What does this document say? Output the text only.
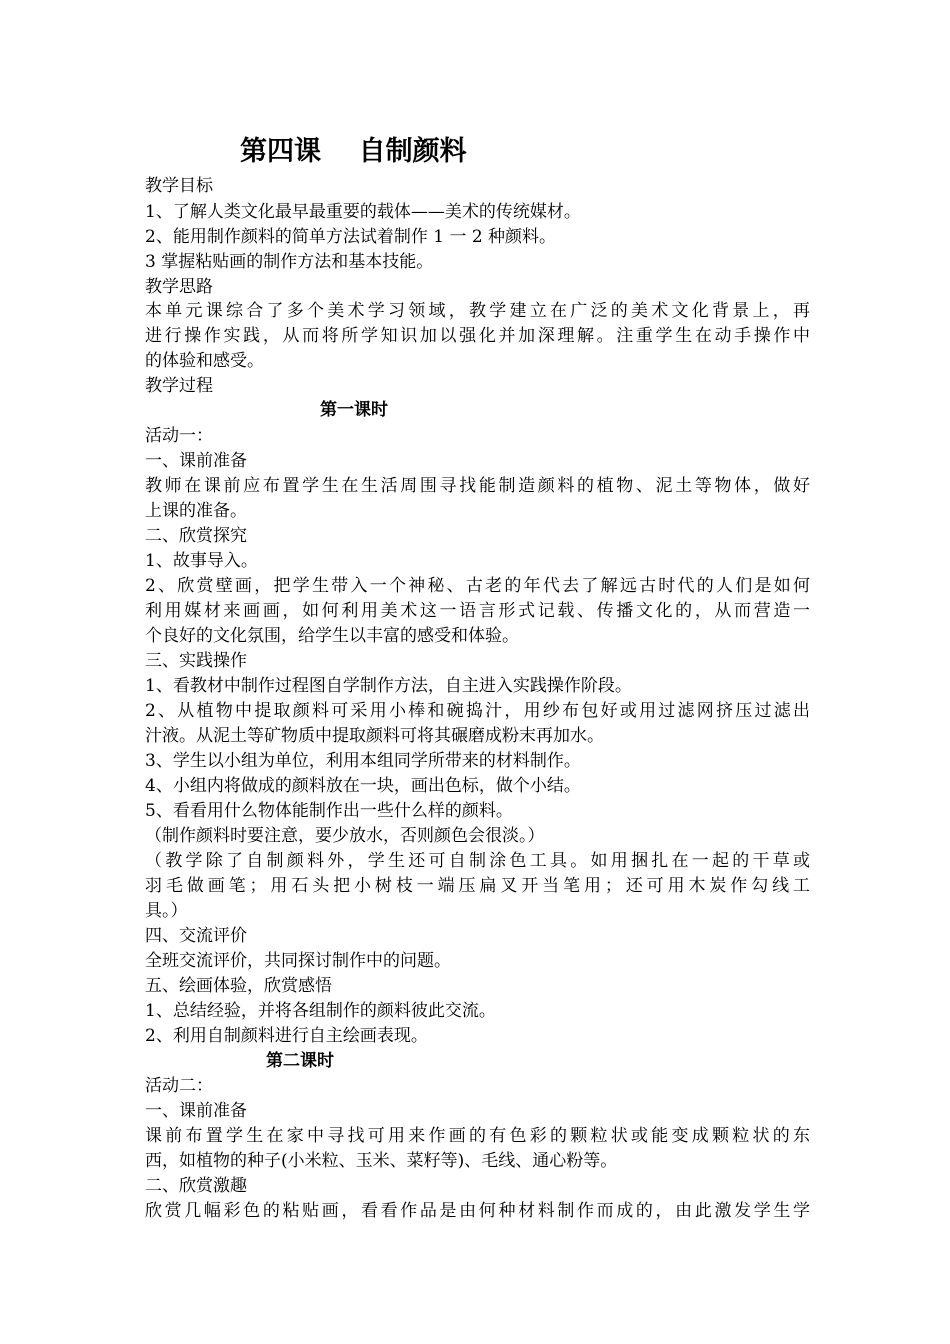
第四课    自制颜料
教学目标
1、了解人类文化最早最重要的载体——美术的传统媒材。
2、能用制作颜料的简单方法试着制作 1 一 2 种颜料。
3 掌握粘贴画的制作方法和基本技能。
教学思路
本单元课综合了多个美术学习领域，教学建立在广泛的美术文化背景上，再
进行操作实践，从而将所学知识加以强化并加深理解。注重学生在动手操作中
的体验和感受。
教学过程
第一课时
活动一：
一、课前准备
教师在课前应布置学生在生活周围寻找能制造颜料的植物、泥土等物体，做好
上课的准备。
二、欣赏探究
1、故事导入。
2、欣赏壁画，把学生带入一个神秘、古老的年代去了解远古时代的人们是如何
利用媒材来画画，如何利用美术这一语言形式记载、传播文化的，从而营造一
个良好的文化氛围，给学生以丰富的感受和体验。
三、实践操作
1、看教材中制作过程图自学制作方法，自主进入实践操作阶段。
2、从植物中提取颜料可采用小棒和碗捣汁，用纱布包好或用过滤网挤压过滤出
汁液。从泥土等矿物质中提取颜料可将其碾磨成粉末再加水。
3、学生以小组为单位，利用本组同学所带来的材料制作。
4、小组内将做成的颜料放在一块，画出色标，做个小结。
5、看看用什么物体能制作出一些什么样的颜料。
（制作颜料时要注意，要少放水，否则颜色会很淡。）
（教学除了自制颜料外，学生还可自制涂色工具。如用捆扎在一起的干草或
羽毛做画笔；用石头把小树枝一端压扁叉开当笔用；还可用木炭作勾线工
具。）
四、交流评价
全班交流评价，共同探讨制作中的问题。
五、绘画体验，欣赏感悟
1、总结经验，并将各组制作的颜料彼此交流。
2、利用自制颜料进行自主绘画表现。
第二课时
活动二：
一、课前准备
课前布置学生在家中寻找可用来作画的有色彩的颗粒状或能变成颗粒状的东
西，如植物的种子(小米粒、玉米、菜籽等)、毛线、通心粉等。
二、欣赏激趣
欣赏几幅彩色的粘贴画，看看作品是由何种材料制作而成的，由此激发学生学
